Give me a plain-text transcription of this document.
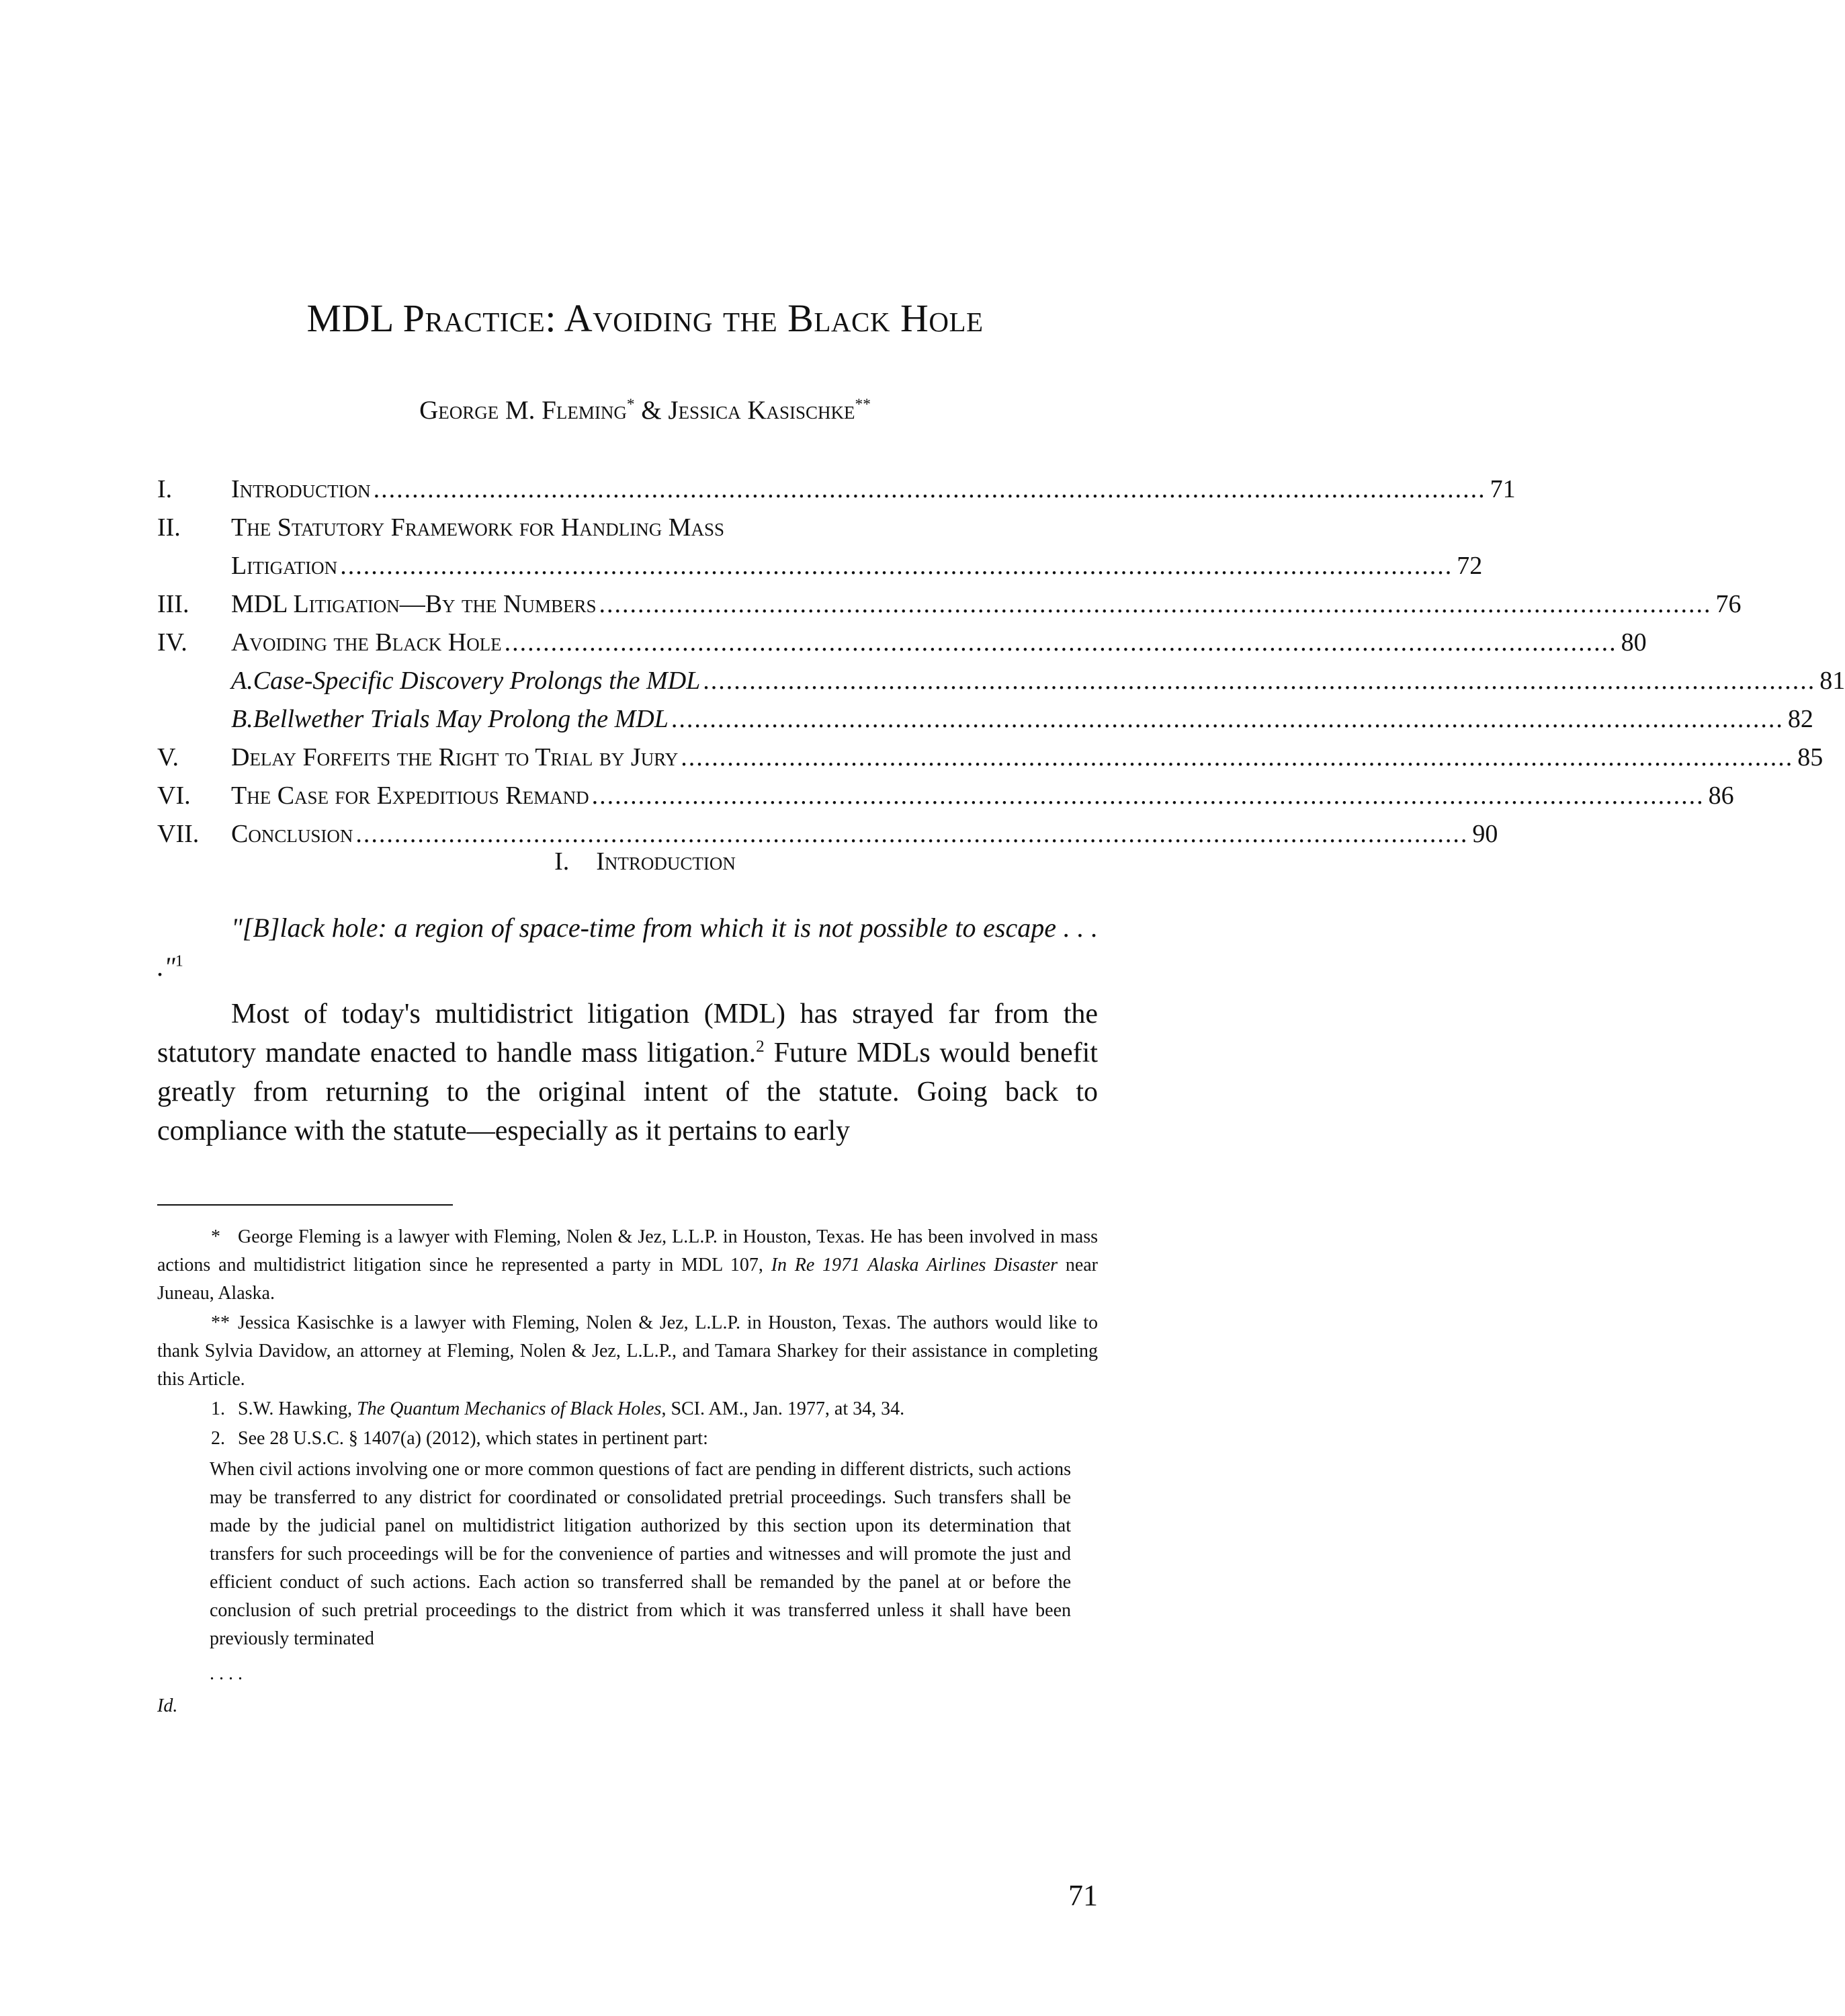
MDL Practice: Avoiding the Black Hole
George M. Fleming* & Jessica Kasischke**
I. Introduction ................................................................................................................................................ 71
II. The Statutory Framework for Handling Mass
Litigation ................................................................................................................................................ 72
III. MDL Litigation—By the Numbers ................................................................................................................................................ 76
IV. Avoiding the Black Hole ................................................................................................................................................ 80
A. Case-Specific Discovery Prolongs the MDL ................................................................................................................................................ 81
B. Bellwether Trials May Prolong the MDL ................................................................................................................................................ 82
V. Delay Forfeits the Right to Trial by Jury ................................................................................................................................................ 85
VI. The Case for Expeditious Remand ................................................................................................................................................ 86
VII. Conclusion ................................................................................................................................................ 90
I. Introduction
"[B]lack hole: a region of space-time from which it is not possible to escape . . . ."$^1$
Most of today's multidistrict litigation (MDL) has strayed far from the statutory mandate enacted to handle mass litigation.$^2$ Future MDLs would benefit greatly from returning to the original intent of the statute. Going back to compliance with the statute—especially as it pertains to early

* George Fleming is a lawyer with Fleming, Nolen & Jez, L.L.P. in Houston, Texas. He has been involved in mass actions and multidistrict litigation since he represented a party in MDL 107, In Re 1971 Alaska Airlines Disaster near Juneau, Alaska.

** Jessica Kasischke is a lawyer with Fleming, Nolen & Jez, L.L.P. in Houston, Texas. The authors would like to thank Sylvia Davidow, an attorney at Fleming, Nolen & Jez, L.L.P., and Tamara Sharkey for their assistance in completing this Article.

1. S.W. Hawking, The Quantum Mechanics of Black Holes, SCI. AM., Jan. 1977, at 34, 34.

2. See 28 U.S.C. § 1407(a) (2012), which states in pertinent part:

When civil actions involving one or more common questions of fact are pending in different districts, such actions may be transferred to any district for coordinated or consolidated pretrial proceedings. Such transfers shall be made by the judicial panel on multidistrict litigation authorized by this section upon its determination that transfers for such proceedings will be for the convenience of parties and witnesses and will promote the just and efficient conduct of such actions. Each action so transferred shall be remanded by the panel at or before the conclusion of such pretrial proceedings to the district from which it was transferred unless it shall have been previously terminated
. . . .
Id.
71
